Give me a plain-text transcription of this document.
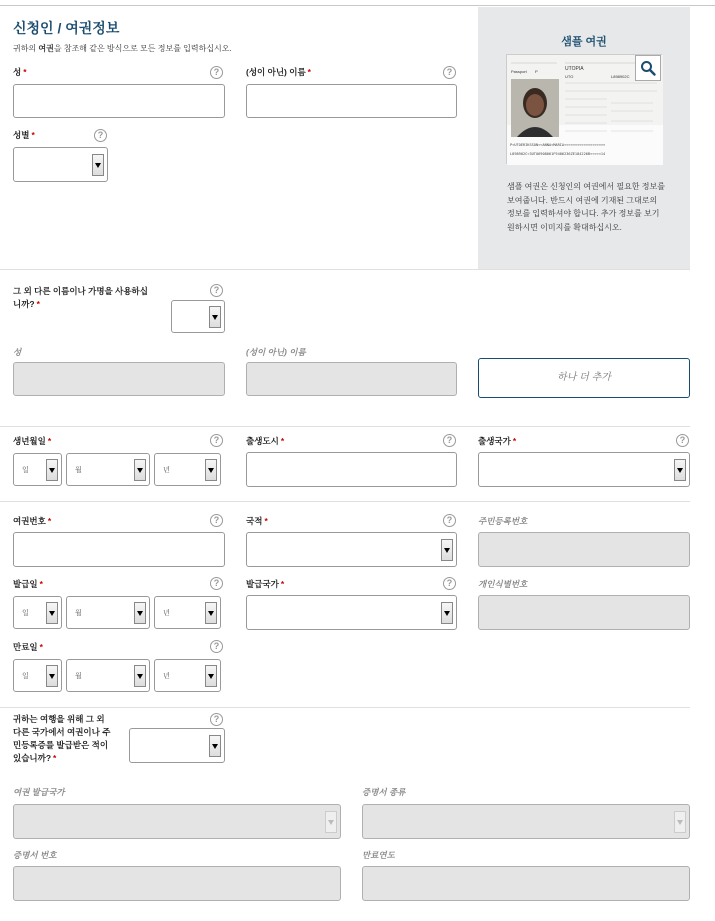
신청인 / 여권정보
귀하의 여권을 참조해 같은 방식으로 모든 정보를 입력하십시오.
성 *	?	(성이 아닌) 이름 *	?
성별 *	?
샘플 여권
UTOPIA
Passport P
UTO	L898902C
P<UTOERIKSSON<<ANNA<MARIA<<<<<<<<<<<<<<<<<<<
L898902C<3UTO6908061F9406236ZE184226B<<<<<14
샘플 여권은 신청인의 여권에서 필요한 정보를 보여줍니다. 반드시 여권에 기재된 그대로의 정보를 입력하셔야 합니다. 추가 정보를 보기 원하시면 이미지를 확대하십시오.
그 외 다른 이름이나 가명을 사용하십니까? *
?
성	(성이 아닌) 이름
하나 더 추가
생년월일 *	?
일	월	년
출생도시 *	?	출생국가 *	?
여권번호 *	?	국적 *	?	주민등록번호
발급일 *	?
일	월	년
발급국가 *	?	개인식별번호
만료일 *	?
일	월	년
귀하는 여행을 위해 그 외 다른 국가에서 여권이나 주민등록증를 발급받은 적이 있습니까? *
?
여권 발급국가	증명서 종류
증명서 번호	만료연도
